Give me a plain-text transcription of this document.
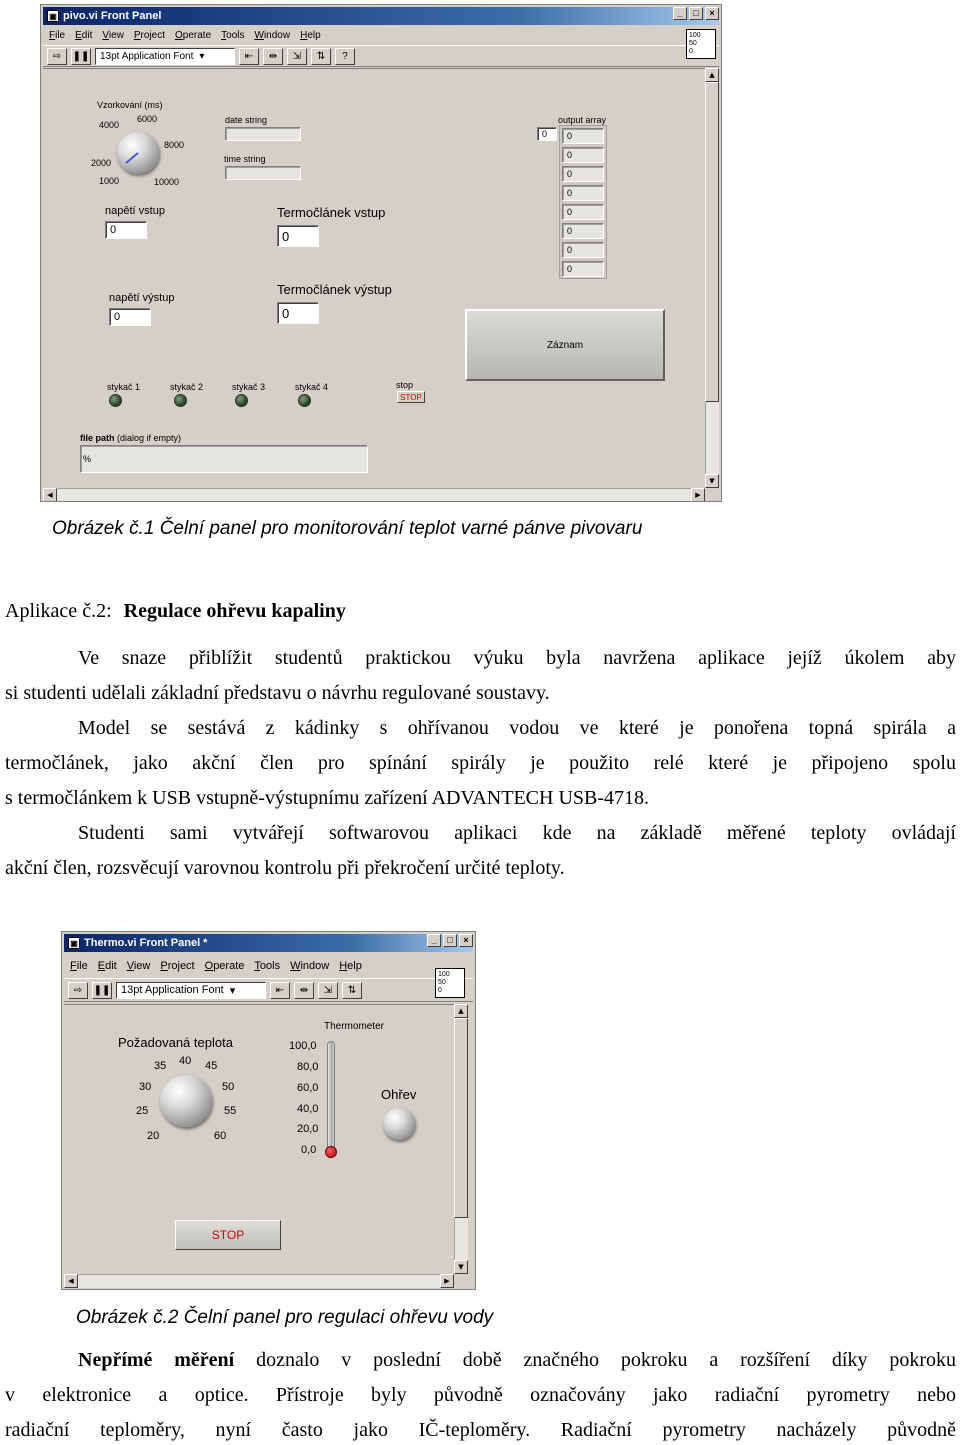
▣ pivo.vi Front Panel	_	□	×
File Edit View Project Operate Tools Window Help
⇨	❚❚ 13pt Application Font ▾	⇤	⇹	⇲	⇅	?
100
50
0
Vzorkování (ms)
4000
6000
8000
2000
1000	10000
date string
time string
output array
0 0
0
0
0
0
0
0
0
napětí vstup
0
Termočlánek vstup
0
napětí výstup
0
Termočlánek výstup
0
Záznam
stykač 1	stykač 2	stykač 3	stykač 4	stop
STOP
file path (dialog if empty)
%
▲
▼
◀	▶
Obrázek č.1 Čelní panel pro monitorování teplot varné pánve pivovaru
Aplikace č.2: Regulace ohřevu kapaliny

Ve snaze přiblížit studentů praktickou výuku byla navržena aplikace jejíž úkolem aby

si studenti udělali základní představu o návrhu regulované soustavy.

Model se sestává z kádinky s ohřívanou vodou ve které je ponořena topná spirála a

termočlánek, jako akční člen pro spínání spirály je použito relé které je připojeno spolu

s termočlánkem k USB vstupně-výstupnímu zařízení ADVANTECH USB-4718.

Studenti sami vytvářejí softwarovou aplikaci kde na základě měřené teploty ovládají

akční člen, rozsvěcují varovnou kontrolu při překročení určité teploty.

▣ Thermo.vi Front Panel *	_	□	×
File Edit View Project Operate Tools Window Help
⇨	❚❚ 13pt Application Font ▾	⇤	⇹	⇲	⇅
100
50
0
Požadovaná teplota
35 40 45
30	50
25	55
20	60
Thermometer
100,0
80,0
60,0
40,0
20,0
0,0
Ohřev
STOP
▲
▼
◀	▶
Obrázek č.2 Čelní panel pro regulaci ohřevu vody

Nepřímé měření doznalo v poslední době značného pokroku a rozšíření díky pokroku

v elektronice a optice. Přístroje byly původně označovány jako radiační pyrometry nebo

radiační teploměry, nyní často jako IČ-teploměry. Radiační pyrometry nacházely původně
